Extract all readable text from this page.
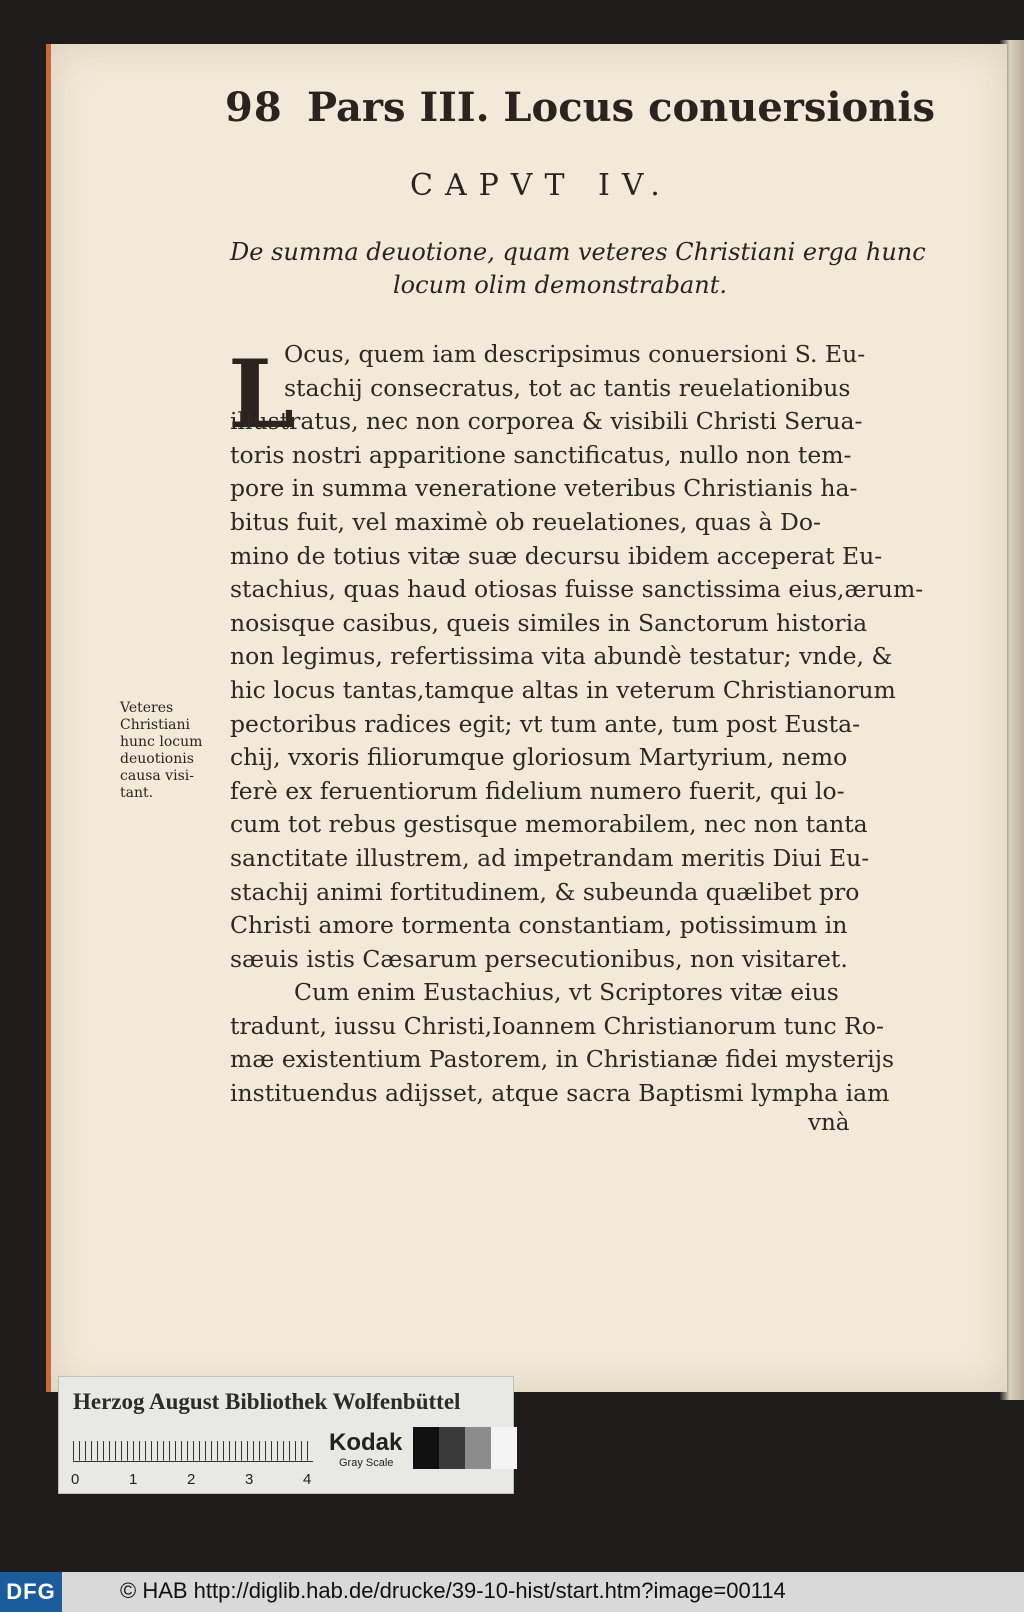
98 Pars III. Locus conuersionis
CAPVT IV.
De summa deuotione, quam veteres Christiani erga hunc
locum olim demonstrabant.
L
Ocus, quem iam descripsimus conuersioni S. Eu-
stachij consecratus, tot ac tantis reuelationibus
illustratus, nec non corporea & visibili Christi Serua-
toris nostri apparitione sanctificatus, nullo non tem-
pore in summa veneratione veteribus Christianis ha-
bitus fuit, vel maximè ob reuelationes, quas à Do-
mino de totius vitæ suæ decursu ibidem acceperat Eu-
stachius, quas haud otiosas fuisse sanctissima eius,ærum-
nosisque casibus, queis similes in Sanctorum historia
non legimus, refertissima vita abundè testatur; vnde, &
hic locus tantas,tamque altas in veterum Christianorum
pectoribus radices egit; vt tum ante, tum post Eusta-
chij, vxoris filiorumque gloriosum Martyrium, nemo
ferè ex feruentiorum fidelium numero fuerit, qui lo-
cum tot rebus gestisque memorabilem, nec non tanta
sanctitate illustrem, ad impetrandam meritis Diui Eu-
stachij animi fortitudinem, & subeunda quælibet pro
Christi amore tormenta constantiam, potissimum in
sæuis istis Cæsarum persecutionibus, non visitaret.
Cum enim Eustachius, vt Scriptores vitæ eius
tradunt, iussu Christi,Ioannem Christianorum tunc Ro-
mæ existentium Pastorem, in Christianæ fidei mysterijs
instituendus adijsset, atque sacra Baptismi lympha iam
vnà
Veteres
Christiani
hunc locum
deuotionis
causa visi-
tant.
Herzog August Bibliothek Wolfenbüttel
0	1	2	3	4
Kodak
Gray Scale
DFG	© HAB http://diglib.hab.de/drucke/39-10-hist/start.htm?image=00114
